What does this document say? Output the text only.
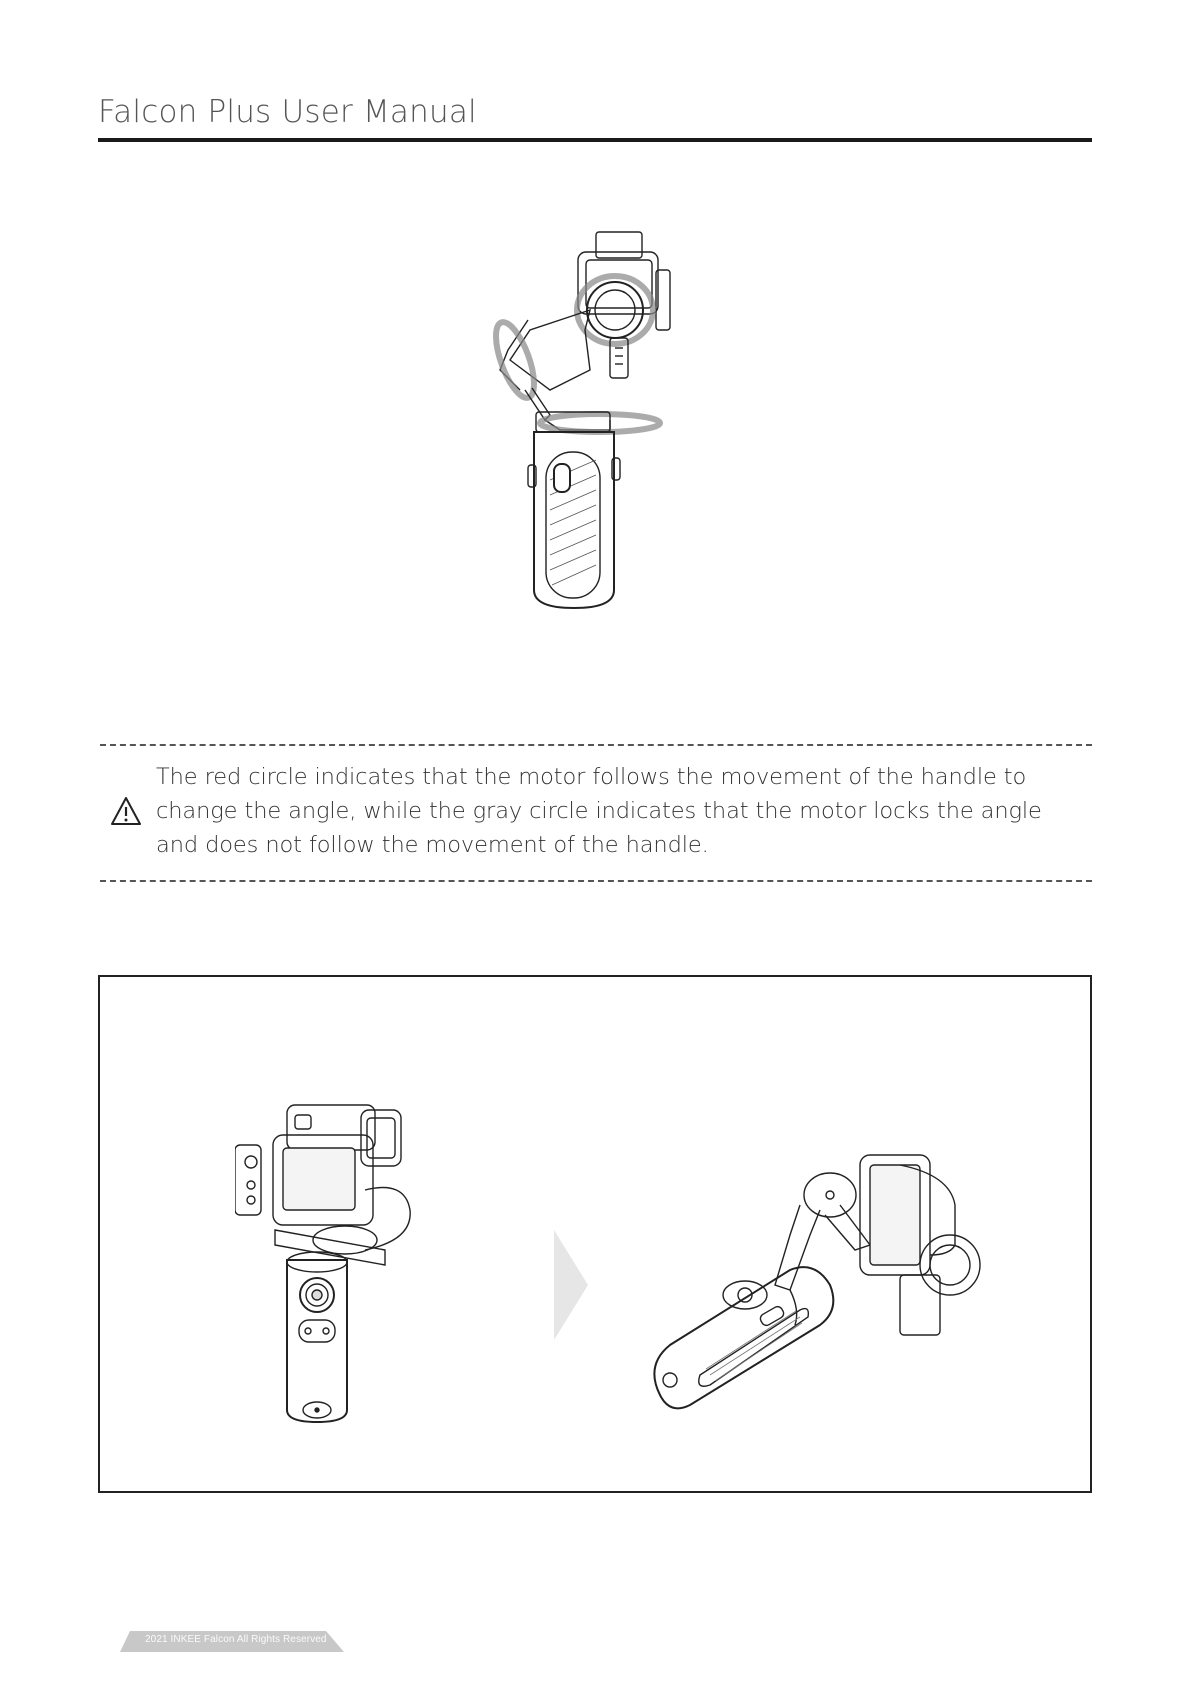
Falcon Plus User Manual
The red circle indicates that the motor follows the movement of the handle to change the angle, while the gray circle indicates that the motor locks the angle and does not follow the movement of the handle.
2021 INKEE Falcon All Rights Reserved
